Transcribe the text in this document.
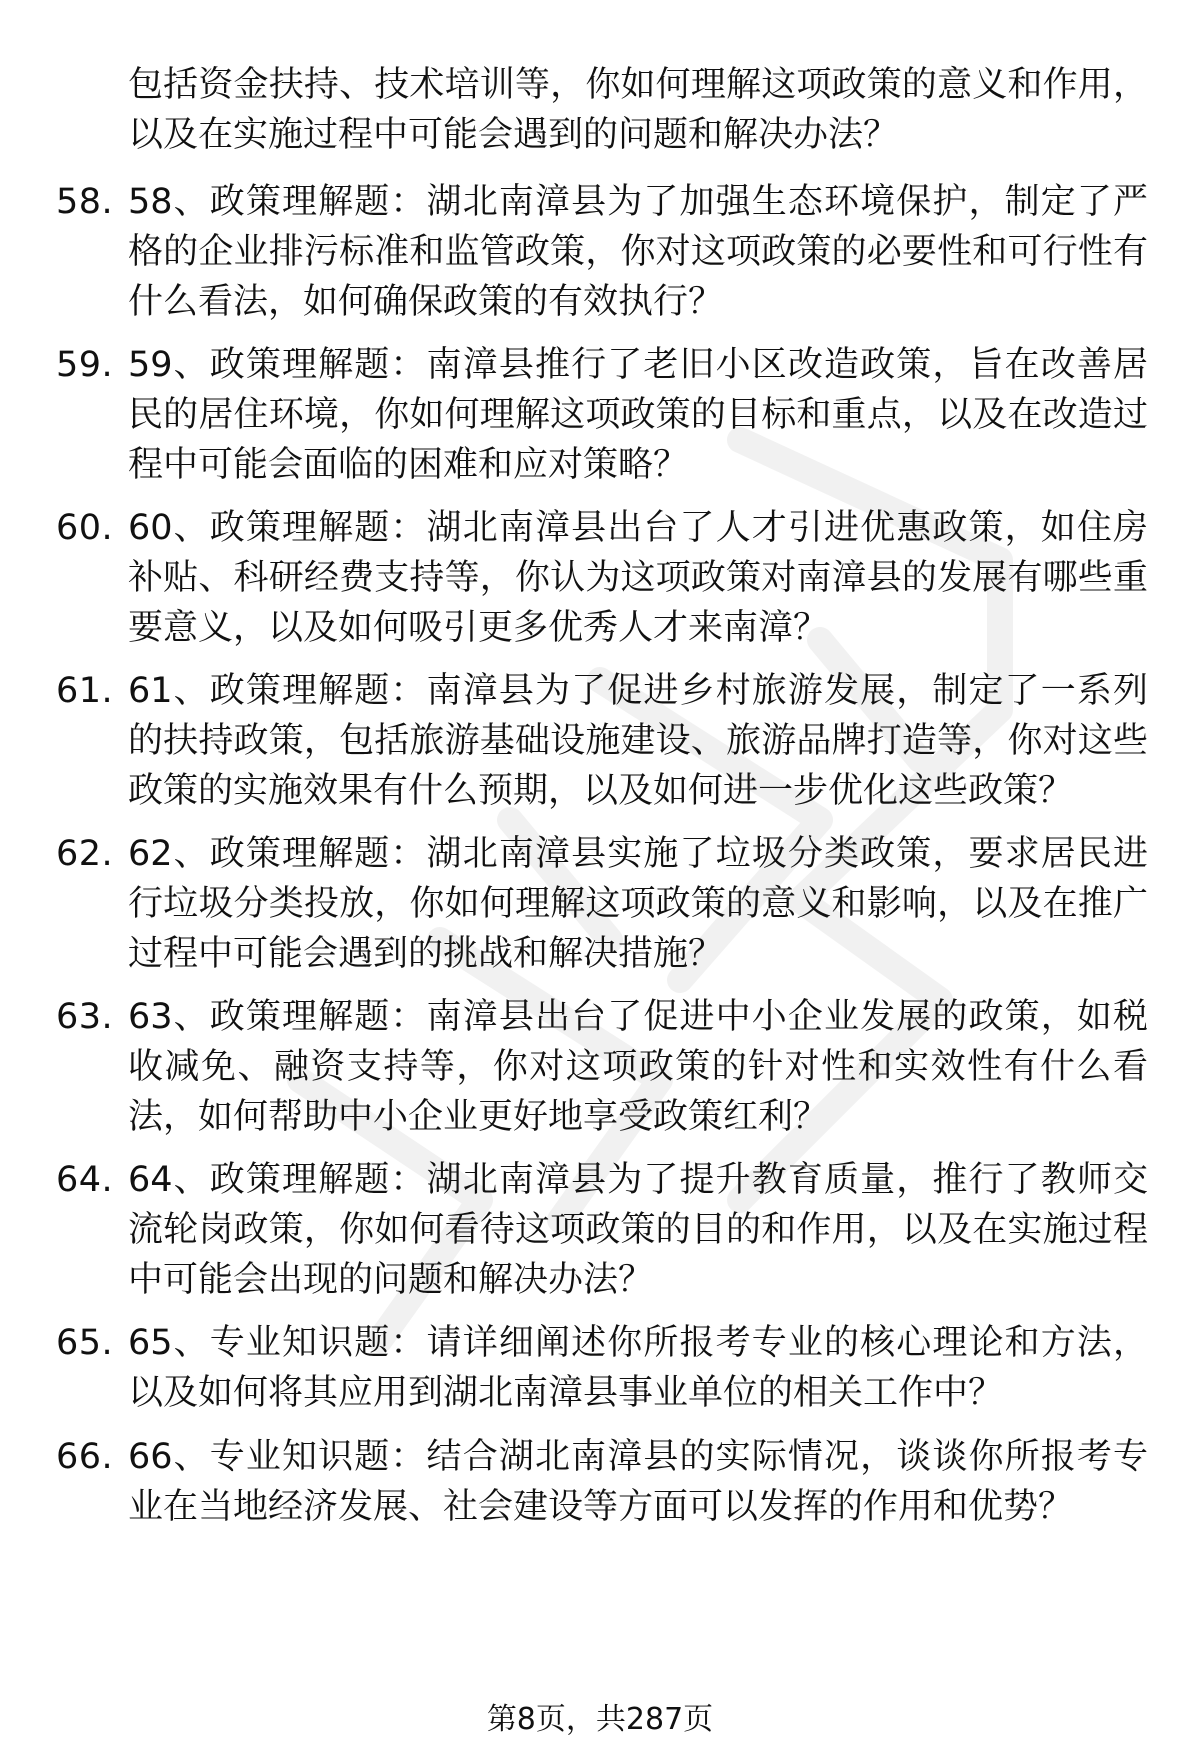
包括资金扶持、技术培训等，你如何理解这项政策的意义和作用，以及在实施过程中可能会遇到的问题和解决办法？
58. 58、政策理解题：湖北南漳县为了加强生态环境保护，制定了严格的企业排污标准和监管政策，你对这项政策的必要性和可行性有什么看法，如何确保政策的有效执行？
59. 59、政策理解题：南漳县推行了老旧小区改造政策，旨在改善居民的居住环境，你如何理解这项政策的目标和重点，以及在改造过程中可能会面临的困难和应对策略？
60. 60、政策理解题：湖北南漳县出台了人才引进优惠政策，如住房补贴、科研经费支持等，你认为这项政策对南漳县的发展有哪些重要意义，以及如何吸引更多优秀人才来南漳？
61. 61、政策理解题：南漳县为了促进乡村旅游发展，制定了一系列的扶持政策，包括旅游基础设施建设、旅游品牌打造等，你对这些政策的实施效果有什么预期，以及如何进一步优化这些政策？
62. 62、政策理解题：湖北南漳县实施了垃圾分类政策，要求居民进行垃圾分类投放，你如何理解这项政策的意义和影响，以及在推广过程中可能会遇到的挑战和解决措施？
63. 63、政策理解题：南漳县出台了促进中小企业发展的政策，如税收减免、融资支持等，你对这项政策的针对性和实效性有什么看法，如何帮助中小企业更好地享受政策红利？
64. 64、政策理解题：湖北南漳县为了提升教育质量，推行了教师交流轮岗政策，你如何看待这项政策的目的和作用，以及在实施过程中可能会出现的问题和解决办法？
65. 65、专业知识题：请详细阐述你所报考专业的核心理论和方法，以及如何将其应用到湖北南漳县事业单位的相关工作中？
66. 66、专业知识题：结合湖北南漳县的实际情况，谈谈你所报考专业在当地经济发展、社会建设等方面可以发挥的作用和优势？
第8页，共287页
